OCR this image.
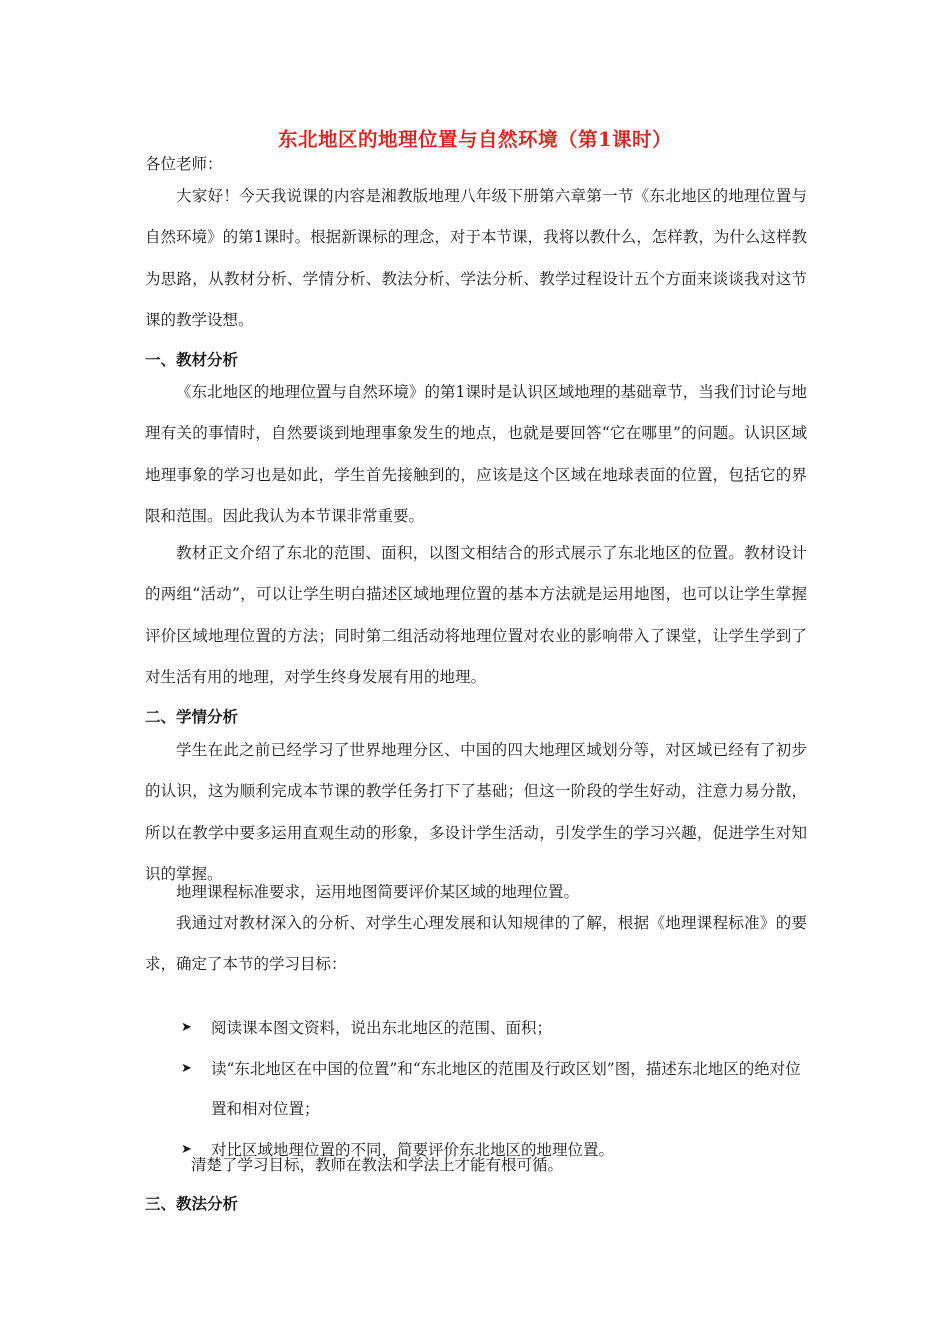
东北地区的地理位置与自然环境（第1课时）
各位老师：

大家好！今天我说课的内容是湘教版地理八年级下册第六章第一节《东北地区的地理位置与自然环境》的第1课时。根据新课标的理念，对于本节课，我将以教什么，怎样教，为什么这样教为思路，从教材分析、学情分析、教法分析、学法分析、教学过程设计五个方面来谈谈我对这节课的教学设想。

一、教材分析

《东北地区的地理位置与自然环境》的第1课时是认识区域地理的基础章节，当我们讨论与地理有关的事情时，自然要谈到地理事象发生的地点，也就是要回答“它在哪里”的问题。认识区域地理事象的学习也是如此，学生首先接触到的，应该是这个区域在地球表面的位置，包括它的界限和范围。因此我认为本节课非常重要。

教材正文介绍了东北的范围、面积，以图文相结合的形式展示了东北地区的位置。教材设计的两组“活动”，可以让学生明白描述区域地理位置的基本方法就是运用地图，也可以让学生掌握评价区域地理位置的方法；同时第二组活动将地理位置对农业的影响带入了课堂，让学生学到了对生活有用的地理，对学生终身发展有用的地理。

二、学情分析

学生在此之前已经学习了世界地理分区、中国的四大地理区域划分等，对区域已经有了初步的认识，这为顺利完成本节课的教学任务打下了基础；但这一阶段的学生好动，注意力易分散，所以在教学中要多运用直观生动的形象，多设计学生活动，引发学生的学习兴趣，促进学生对知识的掌握。

地理课程标准要求，运用地图简要评价某区域的地理位置。

我通过对教材深入的分析、对学生心理发展和认知规律的了解，根据《地理课程标准》的要求，确定了本节的学习目标：

➤ 阅读课本图文资料，说出东北地区的范围、面积；
➤ 读“东北地区在中国的位置”和“东北地区的范围及行政区划”图，描述东北地区的绝对位置和相对位置；
➤ 对比区域地理位置的不同，简要评价东北地区的地理位置。
清楚了学习目标，教师在教法和学法上才能有根可循。
三、教法分析
